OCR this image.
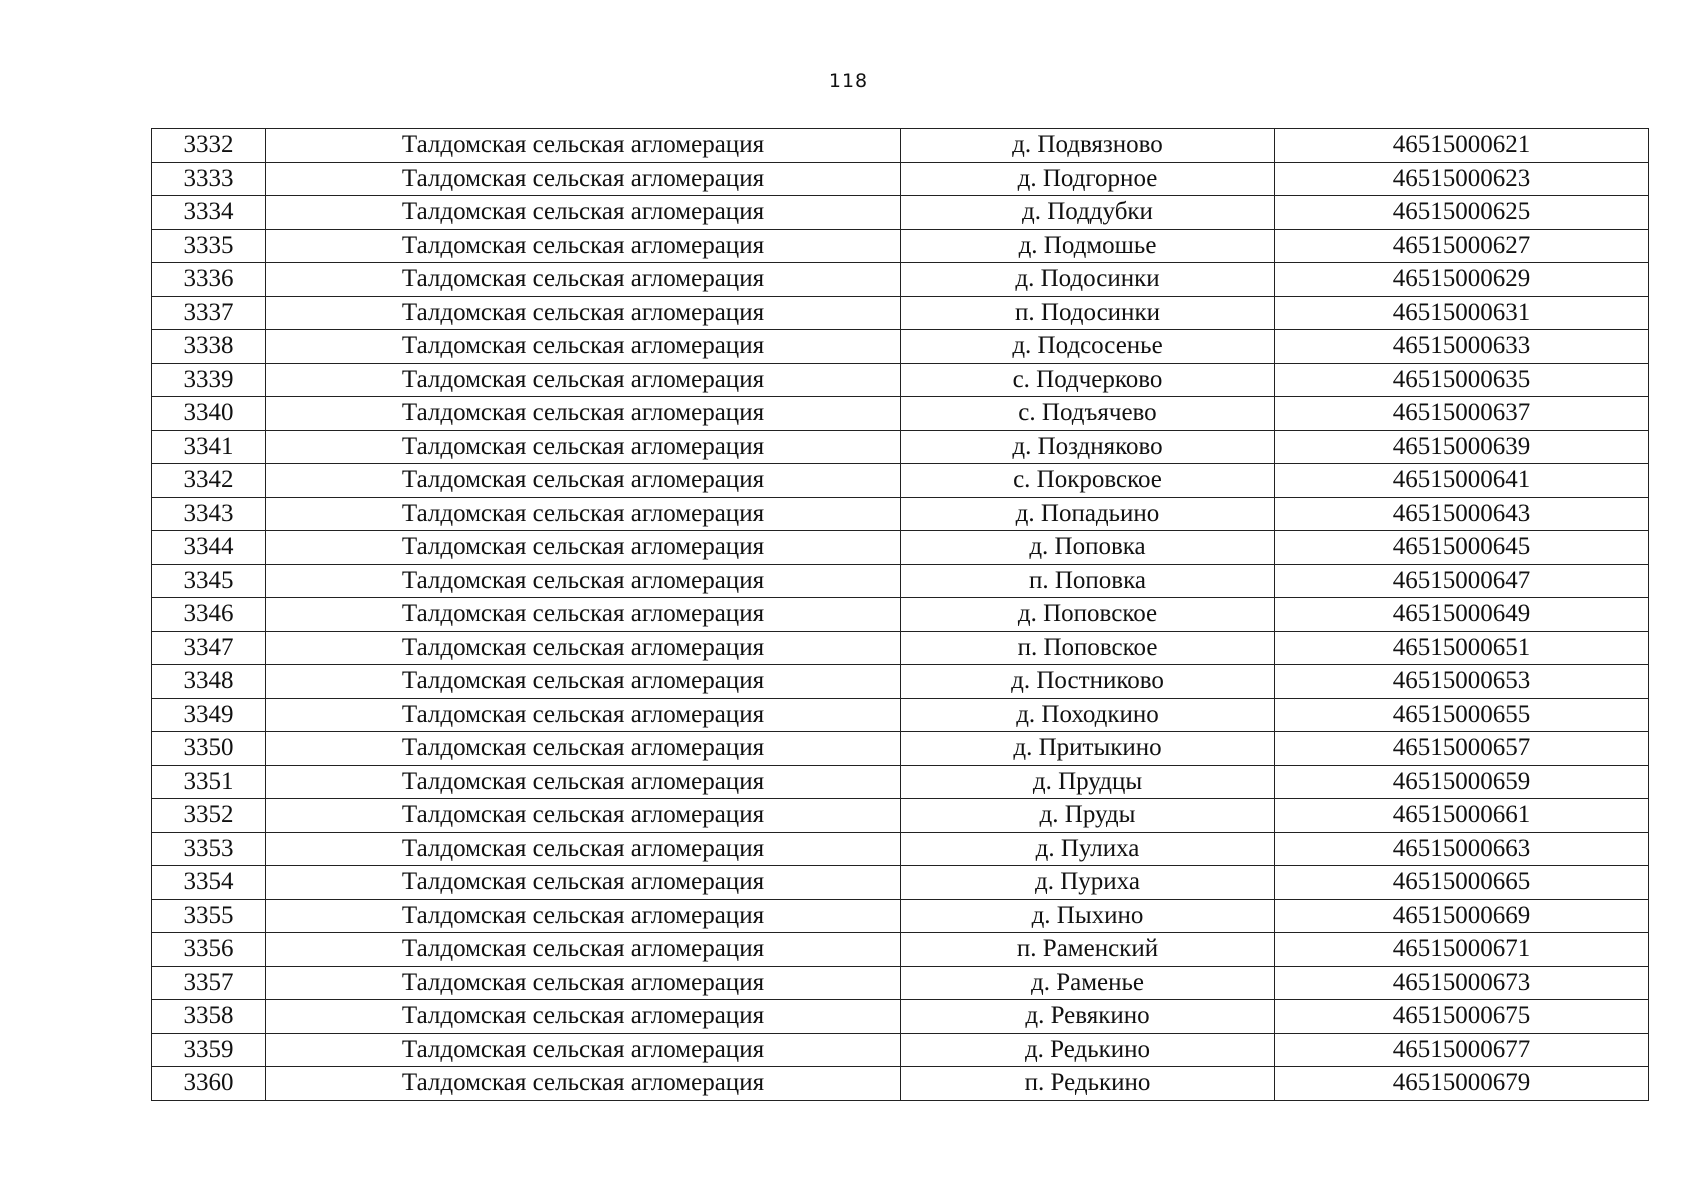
118
3332	Талдомская сельская агломерация	д. Подвязново	46515000621
3333	Талдомская сельская агломерация	д. Подгорное	46515000623
3334	Талдомская сельская агломерация	д. Поддубки	46515000625
3335	Талдомская сельская агломерация	д. Подмошье	46515000627
3336	Талдомская сельская агломерация	д. Подосинки	46515000629
3337	Талдомская сельская агломерация	п. Подосинки	46515000631
3338	Талдомская сельская агломерация	д. Подсосенье	46515000633
3339	Талдомская сельская агломерация	с. Подчерково	46515000635
3340	Талдомская сельская агломерация	с. Подъячево	46515000637
3341	Талдомская сельская агломерация	д. Поздняково	46515000639
3342	Талдомская сельская агломерация	с. Покровское	46515000641
3343	Талдомская сельская агломерация	д. Попадьино	46515000643
3344	Талдомская сельская агломерация	д. Поповка	46515000645
3345	Талдомская сельская агломерация	п. Поповка	46515000647
3346	Талдомская сельская агломерация	д. Поповское	46515000649
3347	Талдомская сельская агломерация	п. Поповское	46515000651
3348	Талдомская сельская агломерация	д. Постниково	46515000653
3349	Талдомская сельская агломерация	д. Походкино	46515000655
3350	Талдомская сельская агломерация	д. Притыкино	46515000657
3351	Талдомская сельская агломерация	д. Прудцы	46515000659
3352	Талдомская сельская агломерация	д. Пруды	46515000661
3353	Талдомская сельская агломерация	д. Пулиха	46515000663
3354	Талдомская сельская агломерация	д. Пуриха	46515000665
3355	Талдомская сельская агломерация	д. Пыхино	46515000669
3356	Талдомская сельская агломерация	п. Раменский	46515000671
3357	Талдомская сельская агломерация	д. Раменье	46515000673
3358	Талдомская сельская агломерация	д. Ревякино	46515000675
3359	Талдомская сельская агломерация	д. Редькино	46515000677
3360	Талдомская сельская агломерация	п. Редькино	46515000679
